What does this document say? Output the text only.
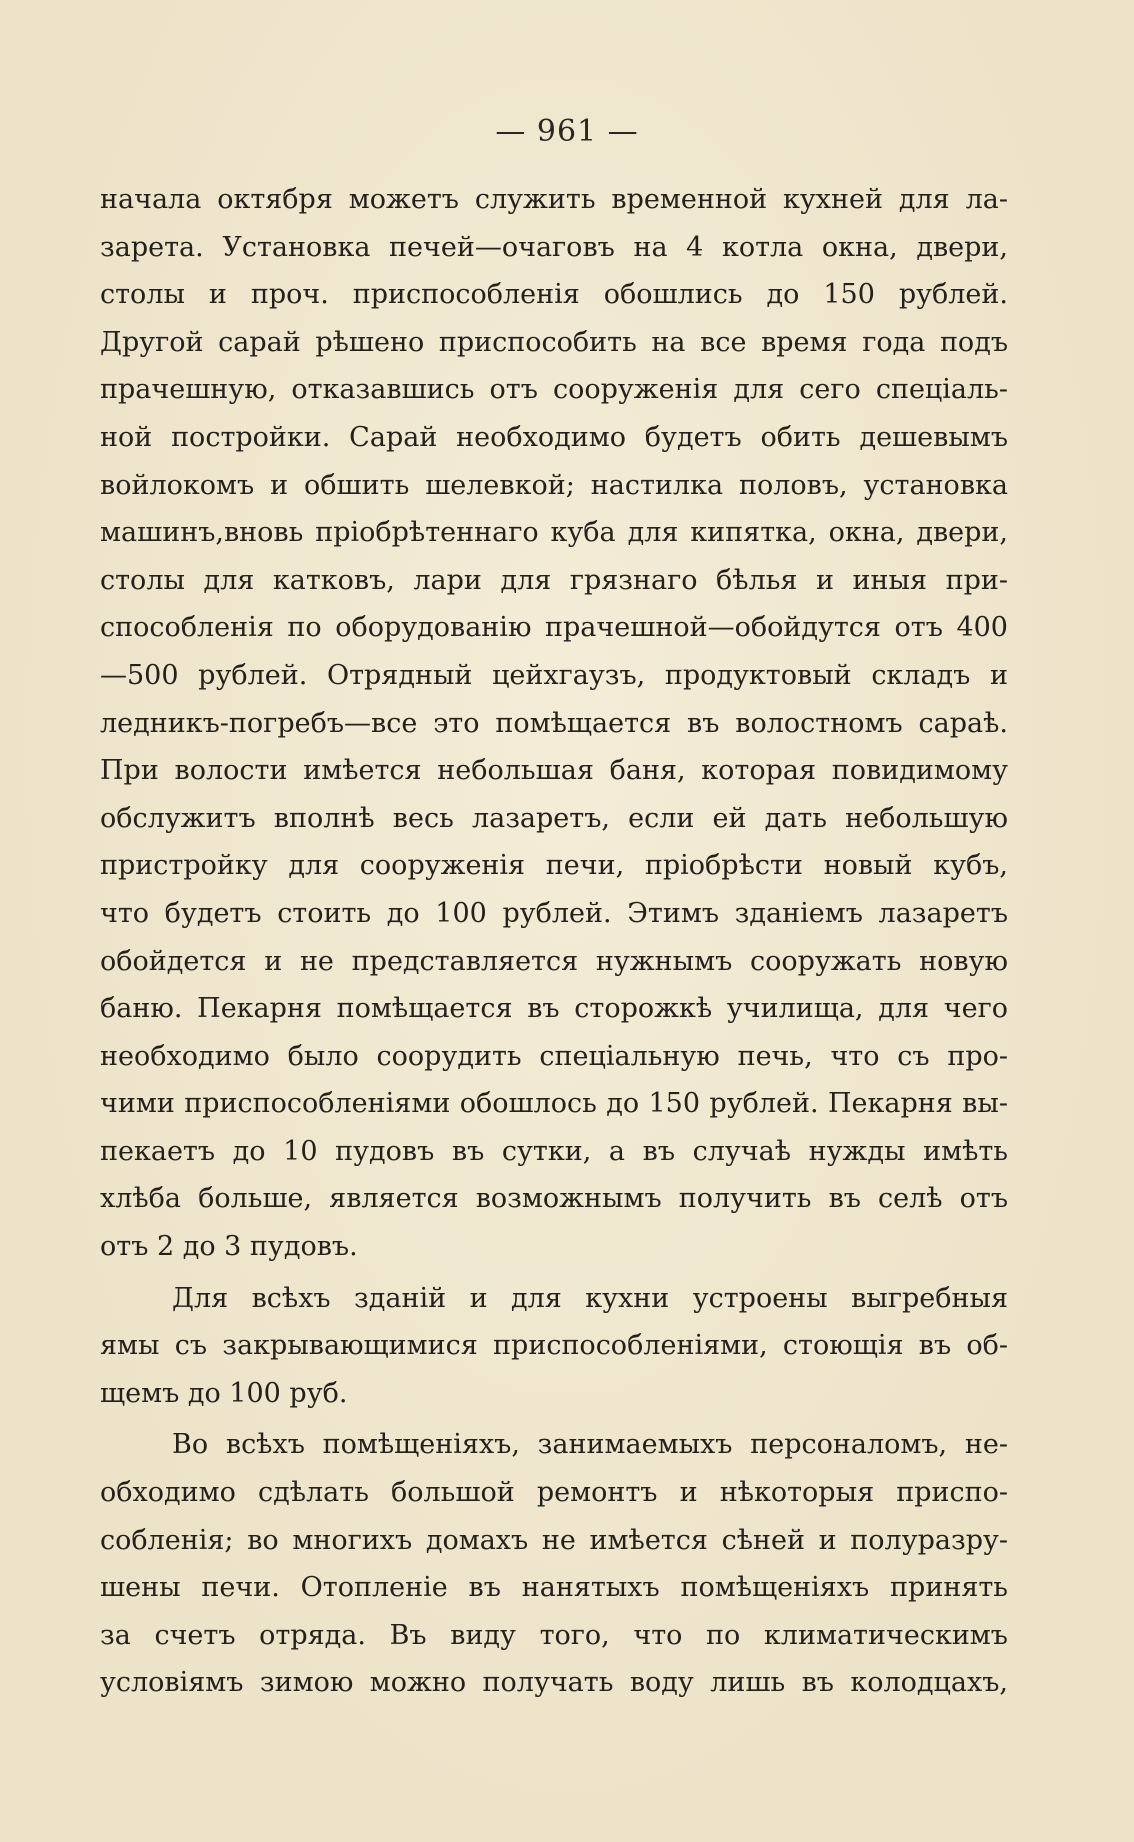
— 961 —
начала октября можетъ служить временной кухней для ла-
зарета. Установка печей—очаговъ на 4 котла окна, двери,
столы и проч. приспособленія обошлись до 150 рублей.
Другой сарай рѣшено приспособить на все время года подъ
прачешную, отказавшись отъ сооруженія для сего спеціаль-
ной постройки. Сарай необходимо будетъ обить дешевымъ
войлокомъ и обшить шелевкой; настилка половъ, установка
машинъ,вновь пріобрѣтеннаго куба для кипятка, окна, двери,
столы для катковъ, лари для грязнаго бѣлья и иныя при-
способленія по оборудованію прачешной—обойдутся отъ 400
—500 рублей. Отрядный цейхгаузъ, продуктовый складъ и
ледникъ-погребъ—все это помѣщается въ волостномъ сараѣ.
При волости имѣется небольшая баня, которая повидимому
обслужитъ вполнѣ весь лазаретъ, если ей дать небольшую
пристройку для сооруженія печи, пріобрѣсти новый кубъ,
что будетъ стоить до 100 рублей. Этимъ зданіемъ лазаретъ
обойдется и не представляется нужнымъ сооружать новую
баню. Пекарня помѣщается въ сторожкѣ училища, для чего
необходимо было соорудить спеціальную печь, что съ про-
чими приспособленіями обошлось до 150 рублей. Пекарня вы-
пекаетъ до 10 пудовъ въ сутки, а въ случаѣ нужды имѣть
хлѣба больше, является возможнымъ получить въ селѣ отъ
отъ 2 до 3 пудовъ.
Для всѣхъ зданій и для кухни устроены выгребныя
ямы съ закрывающимися приспособленіями, стоющія въ об-
щемъ до 100 руб.
Во всѣхъ помѣщеніяхъ, занимаемыхъ персоналомъ, не-
обходимо сдѣлать большой ремонтъ и нѣкоторыя приспо-
собленія; во многихъ домахъ не имѣется сѣней и полуразру-
шены печи. Отопленіе въ нанятыхъ помѣщеніяхъ принять
за счетъ отряда. Въ виду того, что по климатическимъ
условіямъ зимою можно получать воду лишь въ колодцахъ,
